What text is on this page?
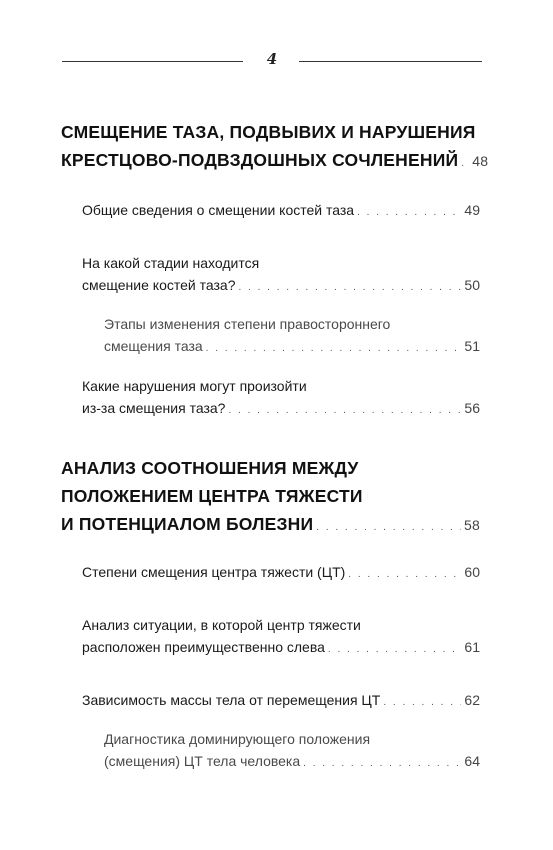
4
СМЕЩЕНИЕ ТАЗА, ПОДВЫВИХ И НАРУШЕНИЯ
КРЕСТЦОВО-ПОДВЗДОШНЫХ СОЧЛЕНЕНИЙ . . . 48
Общие сведения о смещении костей таза . . .	49
На какой стадии находится
смещение костей таза? . . .	50
Этапы изменения степени правостороннего
смещения таза . . .	51
Какие нарушения могут произойти
из-за смещения таза? . . .	56
АНАЛИЗ СООТНОШЕНИЯ МЕЖДУ
ПОЛОЖЕНИЕМ ЦЕНТРА ТЯЖЕСТИ
И ПОТЕНЦИАЛОМ БОЛЕЗНИ . . .	58
Степени смещения центра тяжести (ЦТ) . . .	60
Анализ ситуации, в которой центр тяжести
расположен преимущественно слева . . .	61
Зависимость массы тела от перемещения ЦТ . . .	62
Диагностика доминирующего положения
(смещения) ЦТ тела человека . . .	64
